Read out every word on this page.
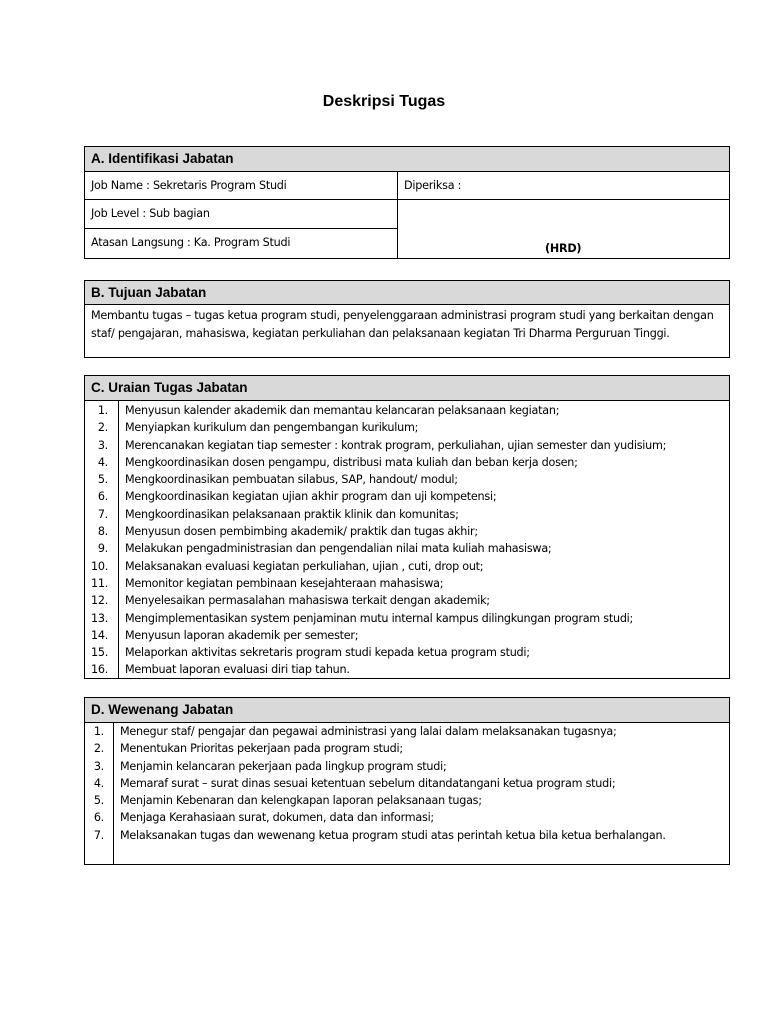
Deskripsi Tugas
A. Identifikasi Jabatan
Job Name : Sekretaris Program Studi
Job Level : Sub bagian
Atasan Langsung : Ka. Program Studi
Diperiksa :
(HRD)
B. Tujuan Jabatan
Membantu tugas – tugas ketua program studi, penyelenggaraan administrasi program studi yang berkaitan dengan staf/ pengajaran, mahasiswa, kegiatan perkuliahan dan pelaksanaan kegiatan Tri Dharma Perguruan Tinggi.
C. Uraian Tugas Jabatan
1.	Menyusun kalender akademik dan memantau kelancaran pelaksanaan kegiatan;
2.	Menyiapkan kurikulum dan pengembangan kurikulum;
3.	Merencanakan kegiatan tiap semester : kontrak program, perkuliahan, ujian semester dan yudisium;
4.	Mengkoordinasikan dosen pengampu, distribusi mata kuliah dan beban kerja dosen;
5.	Mengkoordinasikan pembuatan silabus, SAP, handout/ modul;
6.	Mengkoordinasikan kegiatan ujian akhir program dan uji kompetensi;
7.	Mengkoordinasikan pelaksanaan praktik klinik dan komunitas;
8.	Menyusun dosen pembimbing akademik/ praktik dan tugas akhir;
9.	Melakukan pengadministrasian dan pengendalian nilai mata kuliah mahasiswa;
10.	Melaksanakan evaluasi kegiatan perkuliahan, ujian , cuti, drop out;
11.	Memonitor kegiatan pembinaan kesejahteraan mahasiswa;
12.	Menyelesaikan permasalahan mahasiswa terkait dengan akademik;
13.	Mengimplementasikan system penjaminan mutu internal kampus dilingkungan program studi;
14.	Menyusun laporan akademik per semester;
15.	Melaporkan aktivitas sekretaris program studi kepada ketua program studi;
16.	Membuat laporan evaluasi diri tiap tahun.
D. Wewenang Jabatan
1.	Menegur staf/ pengajar dan pegawai administrasi yang lalai dalam melaksanakan tugasnya;
2.	Menentukan Prioritas pekerjaan pada program studi;
3.	Menjamin kelancaran pekerjaan pada lingkup program studi;
4.	Memaraf surat – surat dinas sesuai ketentuan sebelum ditandatangani ketua program studi;
5.	Menjamin Kebenaran dan kelengkapan laporan pelaksanaan tugas;
6.	Menjaga Kerahasiaan surat, dokumen, data dan informasi;
7.	Melaksanakan tugas dan wewenang ketua program studi atas perintah ketua bila ketua berhalangan.
